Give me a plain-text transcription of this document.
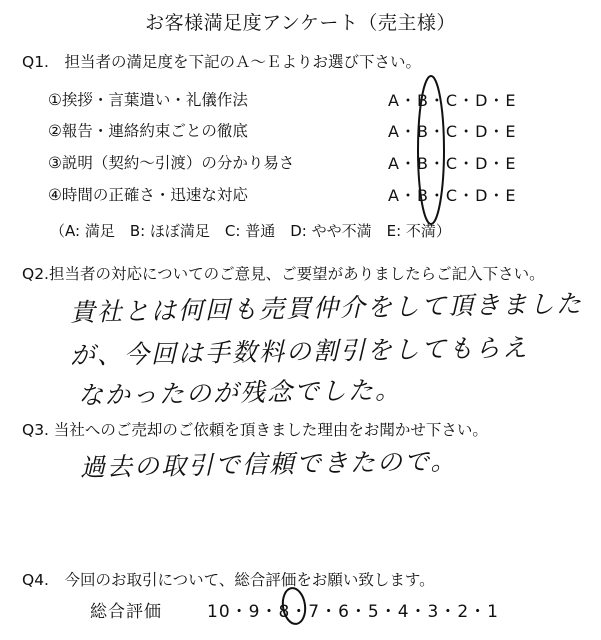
お客様満足度アンケート（売主様）
Q1.　担当者の満足度を下記のＡ～Ｅよりお選び下さい。
①挨拶・言葉遣い・礼儀作法	A・B・C・D・E
②報告・連絡約束ごとの徹底	A・B・C・D・E
③説明（契約～引渡）の分かり易さ	A・B・C・D・E
④時間の正確さ・迅速な対応	A・B・C・D・E
（A: 満足　B: ほぼ満足　C: 普通　D: やや不満　E: 不満）
Q2.担当者の対応についてのご意見、ご要望がありましたらご記入下さい。
貴社とは何回も売買仲介をして頂きました
が、今回は手数料の割引をしてもらえ
なかったのが残念でした。
Q3. 当社へのご売却のご依頼を頂きました理由をお聞かせ下さい。
過去の取引で信頼できたので。
Q4.　今回のお取引について、総合評価をお願い致します。
総合評価	10・9・8・7・6・5・4・3・2・1
